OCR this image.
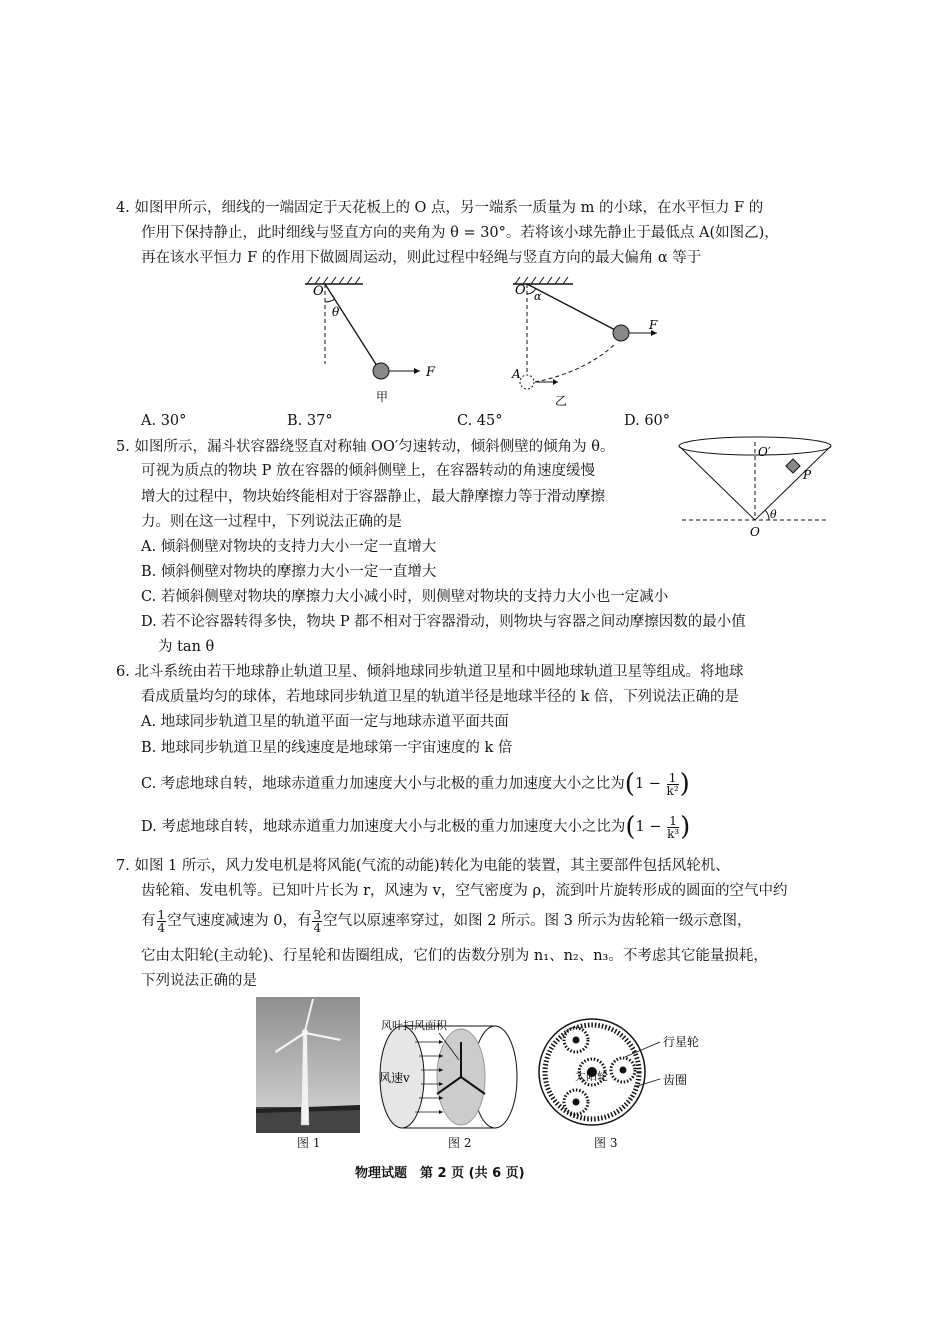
4. 如图甲所示，细线的一端固定于天花板上的 O 点，另一端系一质量为 m 的小球，在水平恒力 F 的
作用下保持静止，此时细线与竖直方向的夹角为 θ = 30°。若将该小球先静止于最低点 A(如图乙)，
再在该水平恒力 F 的作用下做圆周运动，则此过程中轻绳与竖直方向的最大偏角 α 等于
O
θ
F
甲
O α
F
A
乙
A. 30°	B. 37°	C. 45°	D. 60°
5. 如图所示，漏斗状容器绕竖直对称轴 OO′匀速转动，倾斜侧壁的倾角为 θ。
可视为质点的物块 P 放在容器的倾斜侧壁上，在容器转动的角速度缓慢
增大的过程中，物块始终能相对于容器静止，最大静摩擦力等于滑动摩擦
力。则在这一过程中，下列说法正确的是
O′
P
θ
O
A. 倾斜侧壁对物块的支持力大小一定一直增大
B. 倾斜侧壁对物块的摩擦力大小一定一直增大
C. 若倾斜侧壁对物块的摩擦力大小减小时，则侧壁对物块的支持力大小也一定减小
D. 若不论容器转得多快，物块 P 都不相对于容器滑动，则物块与容器之间动摩擦因数的最小值
为 tan θ
6. 北斗系统由若干地球静止轨道卫星、倾斜地球同步轨道卫星和中圆地球轨道卫星等组成。将地球
看成质量均匀的球体，若地球同步轨道卫星的轨道半径是地球半径的 k 倍，下列说法正确的是
A. 地球同步轨道卫星的轨道平面一定与地球赤道平面共面
B. 地球同步轨道卫星的线速度是地球第一宇宙速度的 k 倍
C. 考虑地球自转，地球赤道重力加速度大小与北极的重力加速度大小之比为($1 - \frac{1}{\text{k²}}$ )
D. 考虑地球自转，地球赤道重力加速度大小与北极的重力加速度大小之比为($1 - \frac{1}{\text{k³}}$ )
7. 如图 1 所示，风力发电机是将风能(气流的动能)转化为电能的装置，其主要部件包括风轮机、
齿轮箱、发电机等。已知叶片长为 r，风速为 v，空气密度为 ρ，流到叶片旋转形成的圆面的空气中约
有 $\frac{1}{4}$ 空气速度减速为 0，有 $\frac{3}{4}$ 空气以原速率穿过，如图 2 所示。图 3 所示为齿轮箱一级示意图，
它由太阳轮(主动轮)、行星轮和齿圈组成，它们的齿数分别为 n₁、n₂、n₃。不考虑其它能量损耗，
下列说法正确的是
风叶扫风面积
风速v	太阳轮
行星轮
齿圈
图 1	图 2	图 3
物理试题　第 2 页 (共 6 页)
